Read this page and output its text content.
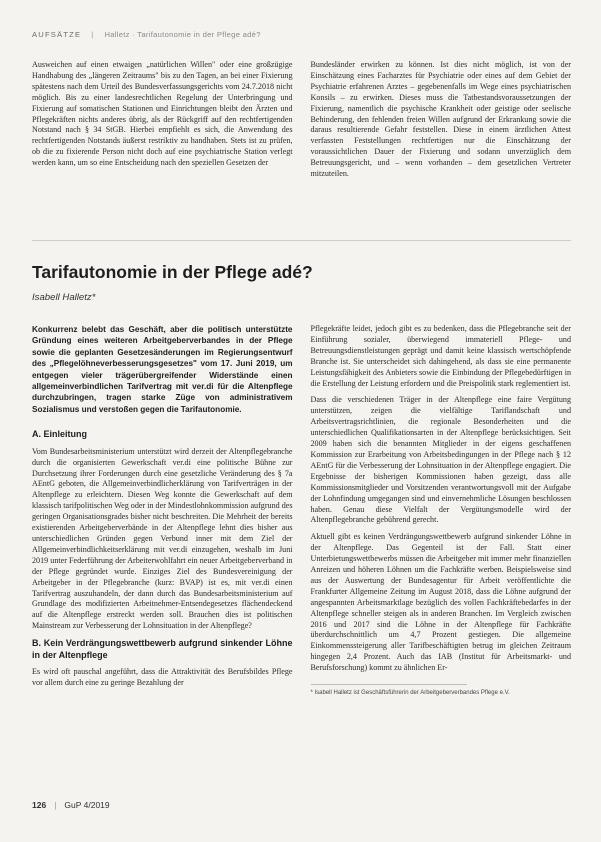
AUFSÄTZE | Halletz · Tarifautonomie in der Pflege adé?

Ausweichen auf einen etwaigen „natürlichen Willen" oder eine großzügige Handhabung des „längeren Zeitraums" bis zu den Tagen, an bei einer Fixierung spätestens nach dem Urteil des Bundesverfassungsgerichts vom 24.7.2018 nicht möglich. Bis zu einer landesrechtlichen Regelung der Unterbringung und Fixierung auf somatischen Stationen und Einrichtungen bleibt den Ärzten und Pflegekräften nichts anderes übrig, als der Rückgriff auf den rechtfertigenden Notstand nach § 34 StGB. Hierbei empfiehlt es sich, die Anwendung des rechtfertigenden Notstands äußerst restriktiv zu handhaben. Stets ist zu prüfen, ob die zu fixierende Person nicht doch auf eine psychiatrische Station verlegt werden kann, um so eine Entscheidung nach den speziellen Gesetzen der

Bundesländer erwirken zu können. Ist dies nicht möglich, ist von der Einschätzung eines Facharztes für Psychiatrie oder eines auf dem Gebiet der Psychiatrie erfahrenen Arztes – gegebenenfalls im Wege eines psychiatrischen Konsils – zu erwirken. Dieses muss die Tatbestandsvoraussetzungen der Fixierung, namentlich die psychische Krankheit oder geistige oder seelische Behinderung, den fehlenden freien Willen aufgrund der Erkrankung sowie die daraus resultierende Gefahr feststellen. Diese in einem ärztlichen Attest verfassten Feststellungen rechtfertigen nur die Einschätzung der voraussichtlichen Dauer der Fixierung und sodann unverzüglich dem Betreuungsgericht, und – wenn vorhanden – dem gesetzlichen Vertreter mitzuteilen.

Tarifautonomie in der Pflege adé?
Isabell Halletz*

Konkurrenz belebt das Geschäft, aber die politisch unterstützte Gründung eines weiteren Arbeitgeberverbandes in der Pflege sowie die geplanten Gesetzesänderungen im Regierungsentwurf des „Pflegelöhneverbesserungsgesetzes" vom 17. Juni 2019, um entgegen vieler trägerübergreifender Widerstände einen allgemeinverbindlichen Tarifvertrag mit ver.di für die Altenpflege durchzubringen, tragen starke Züge von administrativem Sozialismus und verstoßen gegen die Tarifautonomie.

A. Einleitung

Vom Bundesarbeitsministerium unterstützt wird derzeit der Altenpflegebranche durch die organisierten Gewerkschaft ver.di eine politische Bühne zur Durchsetzung ihrer Forderungen durch eine gesetzliche Veränderung des § 7a AEntG geboten, die Allgemeinverbindlicherklärung von Tarifverträgen in der Altenpflege zu erleichtern. Diesen Weg konnte die Gewerkschaft auf dem klassisch tarifpolitischen Weg oder in der Mindestlohnkommission aufgrund des geringen Organisationsgrades bisher nicht beschreiten. Die Mehrheit der bereits existierenden Arbeitgeberverbände in der Altenpflege lehnt dies bisher aus unterschiedlichen Gründen gegen Verbund inner mit dem Ziel der Allgemeinverbindlichkeitserklärung mit ver.di einzugehen, weshalb im Juni 2019 unter Federführung der Arbeiterwohlfahrt ein neuer Arbeitgeberverband in der Pflege gegründet wurde. Einziges Ziel des Bundesvereinigung der Arbeitgeber in der Pflegebranche (kurz: BVAP) ist es, mit ver.di einen Tarifvertrag auszuhandeln, der dann durch das Bundesarbeitsministerium auf Grundlage des modifizierten Arbeitnehmer-Entsendegesetzes flächendeckend auf die Altenpflege erstreckt werden soll. Brauchen dies ist politischen Mainstream zur Verbesserung der Lohnsituation in der Altenpflege?

B. Kein Verdrängungswettbewerb aufgrund sinkender Löhne in der Altenpflege

Es wird oft pauschal angeführt, dass die Attraktivität des Berufsbildes Pflege vor allem durch eine zu geringe Bezahlung der

Pflegekräfte leidet, jedoch gibt es zu bedenken, dass die Pflegebranche seit der Einführung sozialer, überwiegend immateriell Pflege- und Betreuungsdienstleistungen geprägt und damit keine klassisch wertschöpfende Branche ist. Sie unterscheidet sich dahingehend, als dass sie eine permanente Leistungsfähigkeit des Anbieters sowie die Einbindung der Pflegebedürftigen in die Erstellung der Leistung erfordern und die Preispolitik stark reglementiert ist.

Dass die verschiedenen Träger in der Altenpflege eine faire Vergütung unterstützen, zeigen die vielfältige Tariflandschaft und Arbeitsvertragsrichtlinien, die regionale Besonderheiten und die unterschiedlichen Qualifikationsarten in der Altenpflege berücksichtigen. Seit 2009 haben sich die benannten Mitglieder in der eigens geschaffenen Kommission zur Erarbeitung von Arbeitsbedingungen in der Pflege nach § 12 AEntG für die Verbesserung der Lohnsituation in der Altenpflege engagiert. Die Ergebnisse der bisherigen Kommissionen haben gezeigt, dass alle Kommissionsmitglieder und Vorsitzenden verantwortungsvoll mit der Aufgabe der Lohnfindung umgegangen sind und einvernehmliche Lösungen beschlossen haben. Genau diese Vielfalt der Vergütungsmodelle wird der Altenpflegebranche gebührend gerecht.

Aktuell gibt es keinen Verdrängungswettbewerb aufgrund sinkender Löhne in der Altenpflege. Das Gegenteil ist der Fall. Statt einer Unterbietungswettbewerbs müssen die Arbeitgeber mit immer mehr finanziellen Anreizen und höheren Löhnen um die Fachkräfte werben. Beispielsweise sind aus der Auswertung der Bundesagentur für Arbeit veröffentlichte die Frankfurter Allgemeine Zeitung im August 2018, dass die Löhne aufgrund der angespannten Arbeitsmarktlage bezüglich des vollen Fachkräftebedarfes in der Altenpflege schneller steigen als in anderen Branchen. Im Vergleich zwischen 2016 und 2017 sind die Löhne in der Altenpflege für Fachkräfte überdurchschnittlich um 4,7 Prozent gestiegen. Die allgemeine Einkommenssteigerung aller Tarifbeschäftigten betrug im gleichen Zeitraum hingegen 2,4 Prozent. Auch das IAB (Institut für Arbeitsmarkt- und Berufsforschung) kommt zu ähnlichen Er-

* Isabell Halletz ist Geschäftsführerin der Arbeitgeberverbandes Pflege e.V.
126 | GuP 4/2019
